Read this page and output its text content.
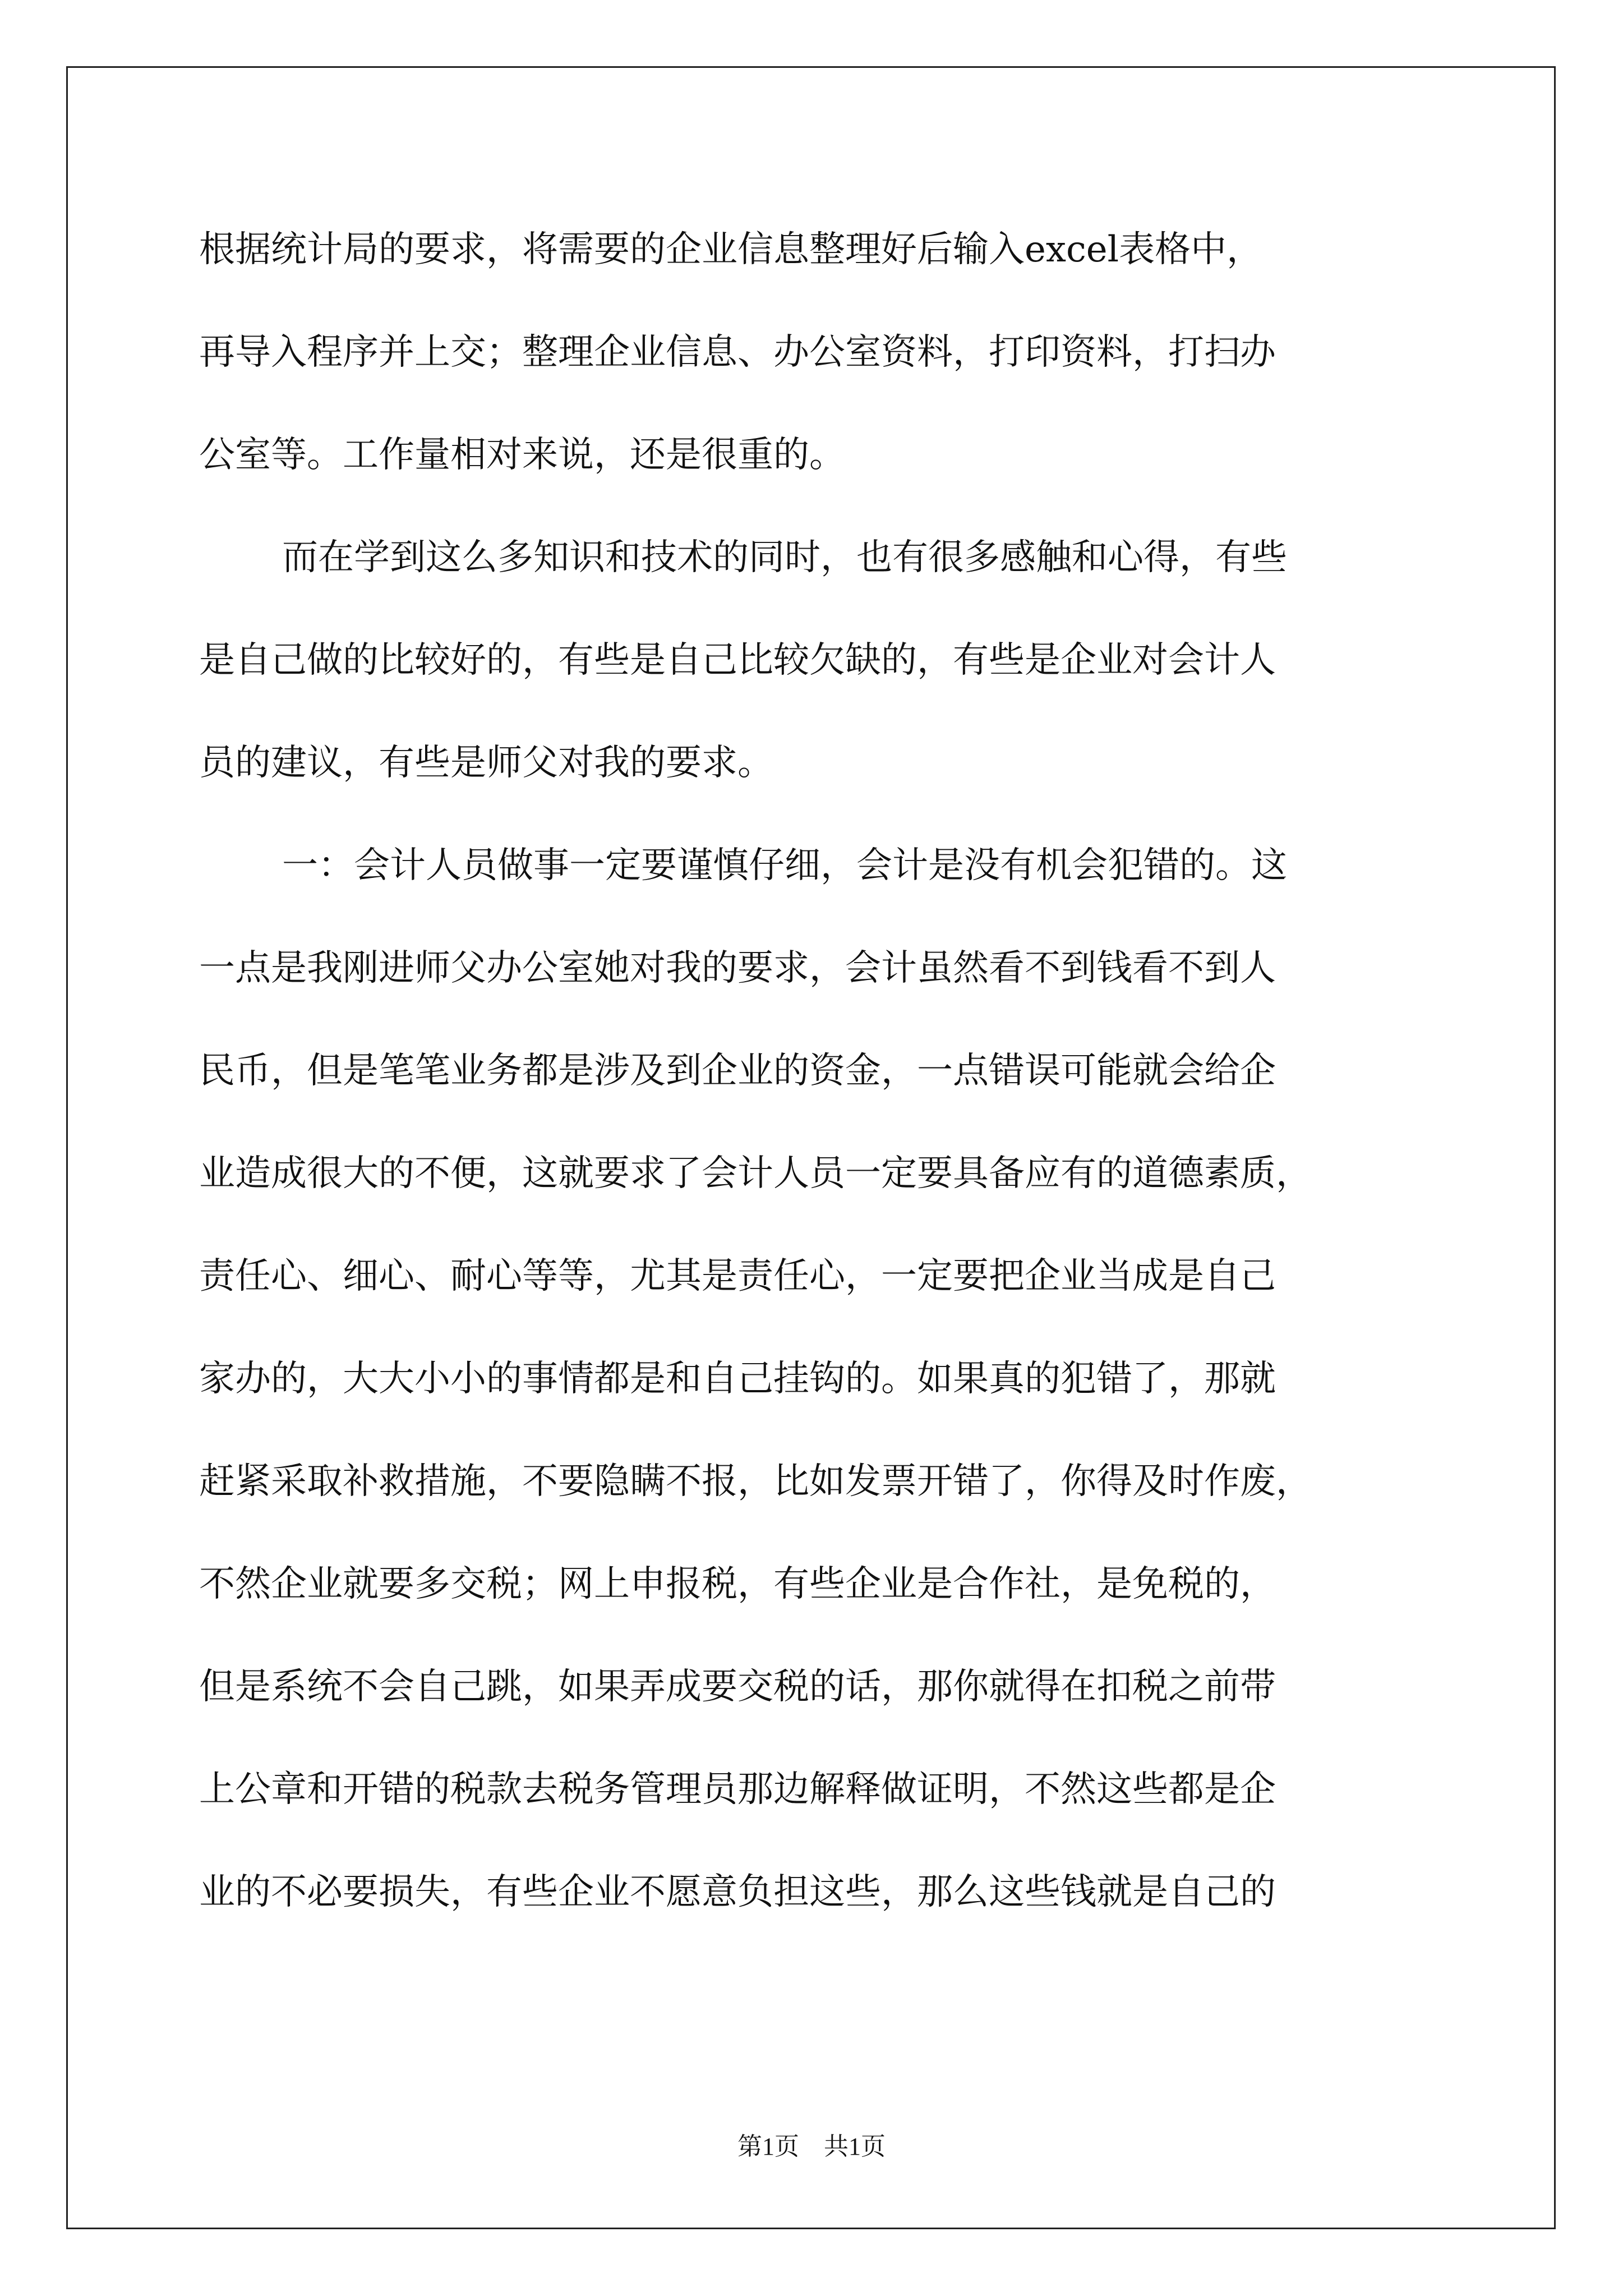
根据统计局的要求，将需要的企业信息整理好后输入excel表格中，
再导入程序并上交；整理企业信息、办公室资料，打印资料，打扫办
公室等。工作量相对来说，还是很重的。
而在学到这么多知识和技术的同时，也有很多感触和心得，有些
是自己做的比较好的，有些是自己比较欠缺的，有些是企业对会计人
员的建议，有些是师父对我的要求。
一：会计人员做事一定要谨慎仔细，会计是没有机会犯错的。这
一点是我刚进师父办公室她对我的要求，会计虽然看不到钱看不到人
民币，但是笔笔业务都是涉及到企业的资金，一点错误可能就会给企
业造成很大的不便，这就要求了会计人员一定要具备应有的道德素质，
责任心、细心、耐心等等，尤其是责任心，一定要把企业当成是自己
家办的，大大小小的事情都是和自己挂钩的。如果真的犯错了，那就
赶紧采取补救措施，不要隐瞒不报，比如发票开错了，你得及时作废，
不然企业就要多交税；网上申报税，有些企业是合作社，是免税的，
但是系统不会自己跳，如果弄成要交税的话，那你就得在扣税之前带
上公章和开错的税款去税务管理员那边解释做证明，不然这些都是企
业的不必要损失，有些企业不愿意负担这些，那么这些钱就是自己的
第1页　共1页
